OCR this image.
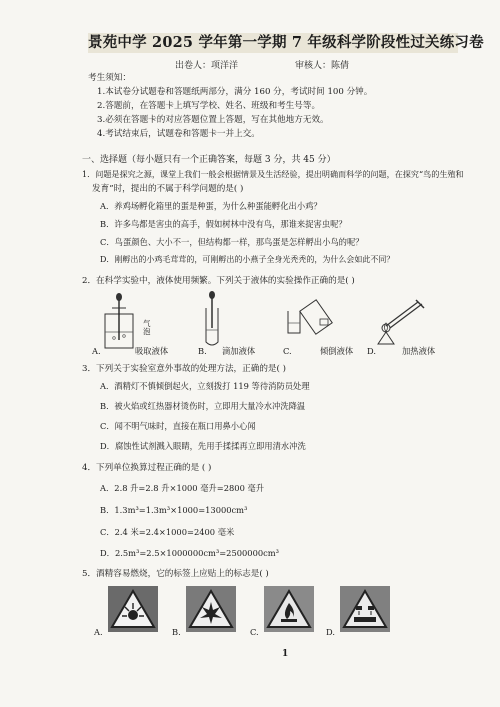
景苑中学 2025 学年第一学期 7 年级科学阶段性过关练习卷
出卷人：项洋洋	审核人：陈倩
考生须知：
1.本试卷分试题卷和答题纸两部分，满分 160 分，考试时间 100 分钟。
2.答题前，在答题卡上填写学校、姓名、班级和考生号等。
3.必须在答题卡的对应答题位置上答题，写在其他地方无效。
4.考试结束后，试题卷和答题卡一并上交。
一、选择题（每小题只有一个正确答案，每题 3 分，共 45 分）
1．问题是探究之源，课堂上我们一般会根据情景及生活经验，提出明确而科学的问题，在探究“鸟的生殖和
发育”时，提出的不属于科学问题的是( )
A．养鸡场孵化箱里的蛋是种蛋，为什么种蛋能孵化出小鸡？
B．许多鸟都是害虫的高手，假如树林中没有鸟，那谁来捉害虫呢？
C．鸟蛋颜色、大小不一，但结构都一样，那鸟蛋是怎样孵出小鸟的呢？
D．刚孵出的小鸡毛茸茸的，可刚孵出的小燕子全身光秃秃的，为什么会如此不同？
2．在科学实验中，液体使用频繁。下列关于液体的实验操作正确的是( )
气泡
A.	吸取液体	B. 滴加液体	C.	倾倒液体 D.	加热液体
3．下列关于实验室意外事故的处理方法，正确的是( )
A．酒精灯不慎倾倒起火，立刻拨打 119 等待消防员处理
B．被火焰或红热器材烫伤时，立即用大量冷水冲洗降温
C．闻不明气味时，直接在瓶口用鼻小心闻
D．腐蚀性试剂溅入眼睛，先用手揉揉再立即用清水冲洗
4．下列单位换算过程正确的是 ( )
A．2.8 升=2.8 升×1000 毫升=2800 毫升
B．1.3m³=1.3m³×1000=13000cm³
C．2.4 米=2.4×1000=2400 毫米
D．2.5m³=2.5×1000000cm³=2500000cm³
5．酒精容易燃烧，它的标签上应贴上的标志是( )
A.	B.	C.	D.
1
